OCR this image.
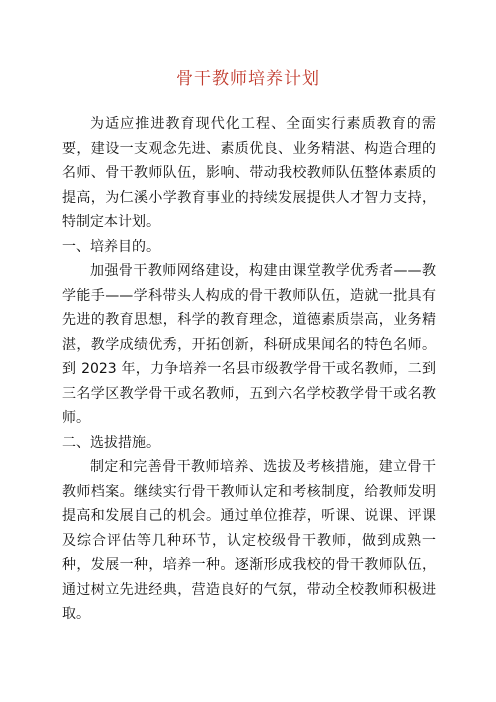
骨干教师培养计划

为适应推进教育现代化工程、全面实行素质教育的需要，建设一支观念先进、素质优良、业务精湛、构造合理的名师、骨干教师队伍，影响、带动我校教师队伍整体素质的提高，为仁溪小学教育事业的持续发展提供人才智力支持，特制定本计划。

一、培养目的。

加强骨干教师网络建设，构建由课堂教学优秀者——教学能手——学科带头人构成的骨干教师队伍，造就一批具有先进的教育思想，科学的教育理念，道德素质崇高，业务精湛，教学成绩优秀，开拓创新，科研成果闻名的特色名师。到 2023 年，力争培养一名县市级教学骨干或名教师，二到三名学区教学骨干或名教师，五到六名学校教学骨干或名教师。

二、选拔措施。

制定和完善骨干教师培养、选拔及考核措施，建立骨干教师档案。继续实行骨干教师认定和考核制度，给教师发明提高和发展自己的机会。通过单位推荐，听课、说课、评课及综合评估等几种环节，认定校级骨干教师，做到成熟一种，发展一种，培养一种。逐渐形成我校的骨干教师队伍，通过树立先进经典，营造良好的气氛，带动全校教师积极进取。
